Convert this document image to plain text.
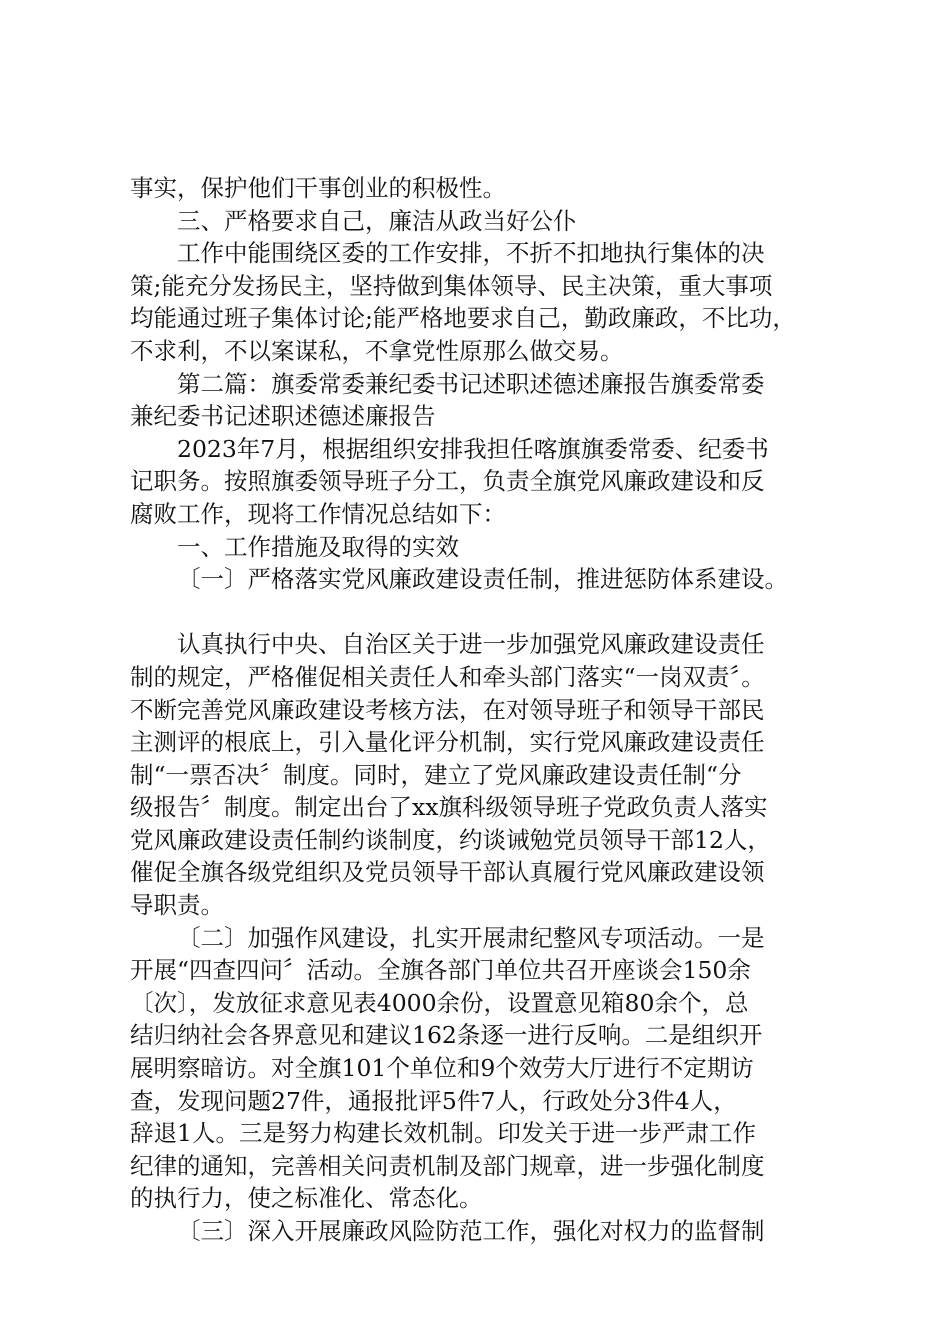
事实，保护他们干事创业的积极性。
三、严格要求自己，廉洁从政当好公仆
工作中能围绕区委的工作安排，不折不扣地执行集体的决
策;能充分发扬民主，坚持做到集体领导、民主决策，重大事项
均能通过班子集体讨论;能严格地要求自己，勤政廉政，不比功，
不求利，不以案谋私，不拿党性原那么做交易。
第二篇：旗委常委兼纪委书记述职述德述廉报告旗委常委
兼纪委书记述职述德述廉报告
2023年7月，根据组织安排我担任喀旗旗委常委、纪委书
记职务。按照旗委领导班子分工，负责全旗党风廉政建设和反
腐败工作，现将工作情况总结如下：
一、工作措施及取得的实效
〔一〕严格落实党风廉政建设责任制，推进惩防体系建设。
认真执行中央、自治区关于进一步加强党风廉政建设责任
制的规定，严格催促相关责任人和牵头部门落实“一岗双责〞。
不断完善党风廉政建设考核方法，在对领导班子和领导干部民
主测评的根底上，引入量化评分机制，实行党风廉政建设责任
制“一票否决〞制度。同时，建立了党风廉政建设责任制“分
级报告〞制度。制定出台了xx旗科级领导班子党政负责人落实
党风廉政建设责任制约谈制度，约谈诫勉党员领导干部12人，
催促全旗各级党组织及党员领导干部认真履行党风廉政建设领
导职责。
〔二〕加强作风建设，扎实开展肃纪整风专项活动。一是
开展“四查四问〞活动。全旗各部门单位共召开座谈会150余
〔次〕，发放征求意见表4000余份，设置意见箱80余个，总
结归纳社会各界意见和建议162条逐一进行反响。二是组织开
展明察暗访。对全旗101个单位和9个效劳大厅进行不定期访
查，发现问题27件，通报批评5件7人，行政处分3件4人，
辞退1人。三是努力构建长效机制。印发关于进一步严肃工作
纪律的通知，完善相关问责机制及部门规章，进一步强化制度
的执行力，使之标准化、常态化。
〔三〕深入开展廉政风险防范工作，强化对权力的监督制
